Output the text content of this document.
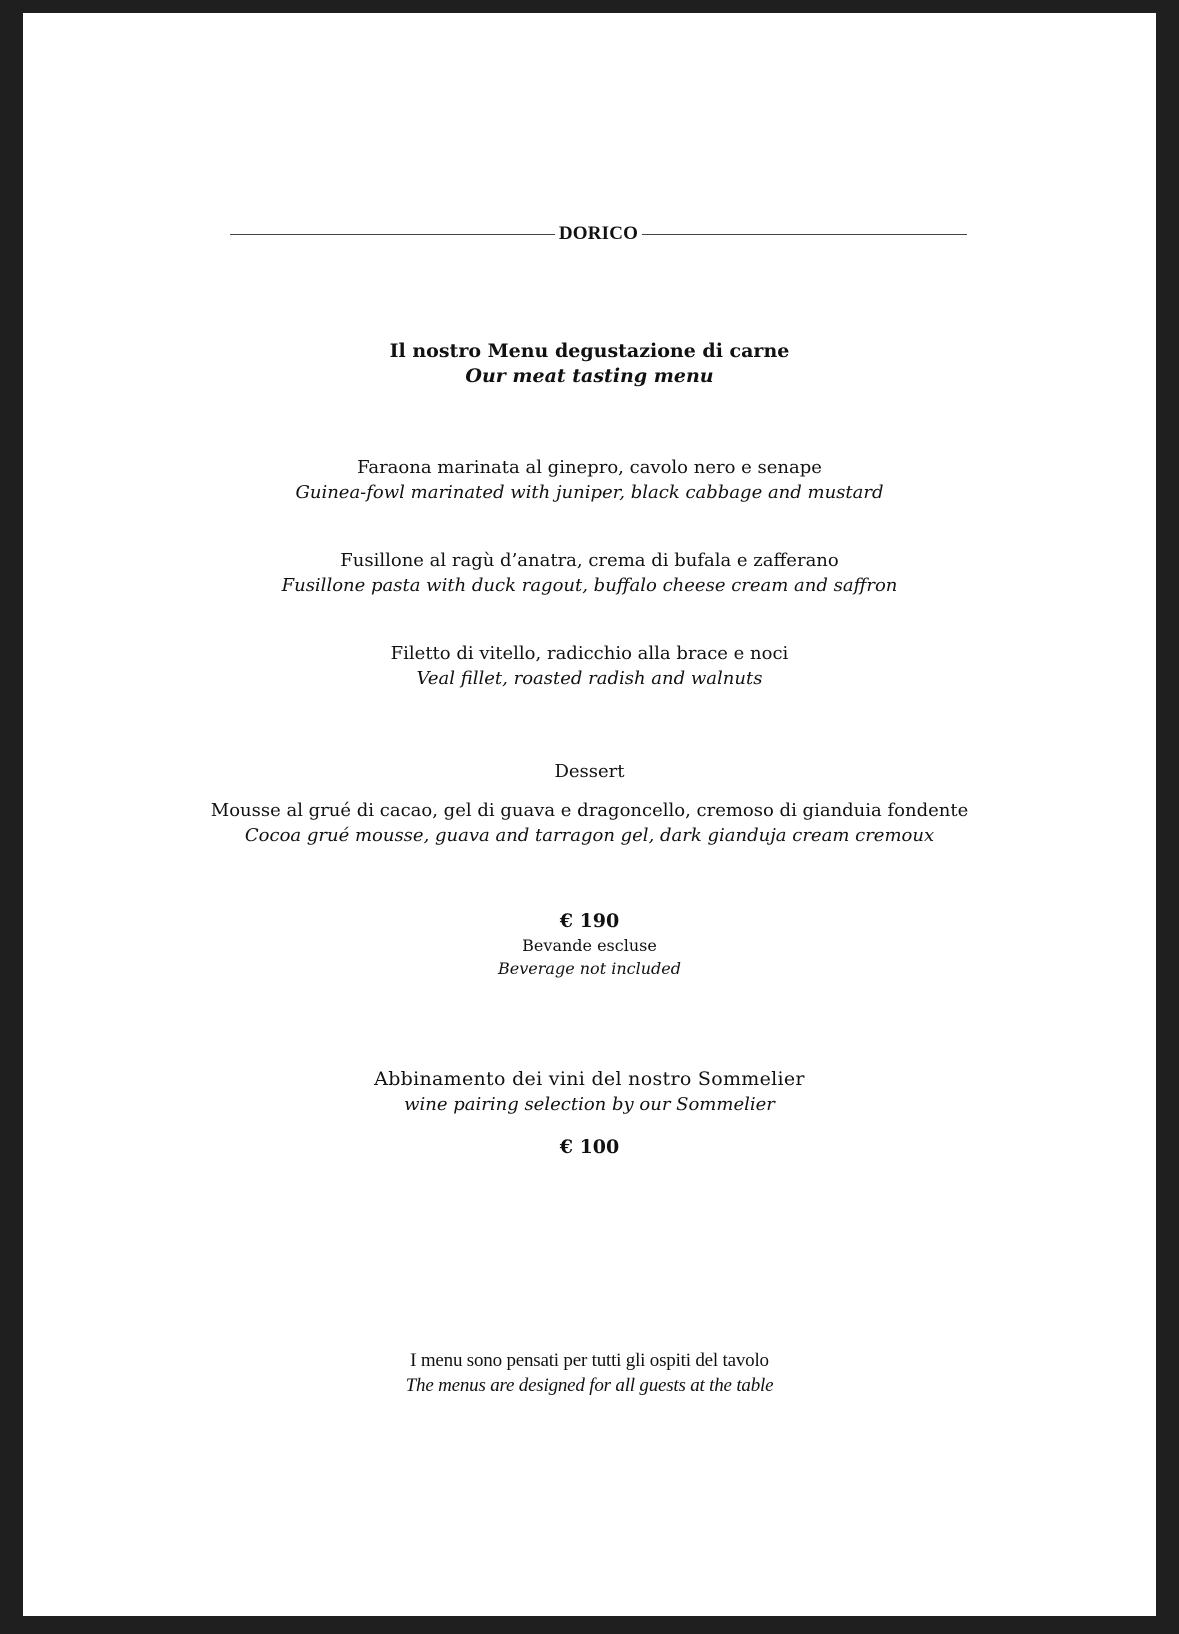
DORICO
Il nostro Menu degustazione di carne
Our meat tasting menu
Faraona marinata al ginepro, cavolo nero e senape
Guinea-fowl marinated with juniper, black cabbage and mustard
Fusillone al ragù d’anatra, crema di bufala e zafferano
Fusillone pasta with duck ragout, buffalo cheese cream and saffron
Filetto di vitello, radicchio alla brace e noci
Veal fillet, roasted radish and walnuts
Dessert
Mousse al grué di cacao, gel di guava e dragoncello, cremoso di gianduia fondente
Cocoa grué mousse, guava and tarragon gel, dark gianduja cream cremoux
€ 190
Bevande escluse
Beverage not included
Abbinamento dei vini del nostro Sommelier
wine pairing selection by our Sommelier
€ 100
I menu sono pensati per tutti gli ospiti del tavolo
The menus are designed for all guests at the table
